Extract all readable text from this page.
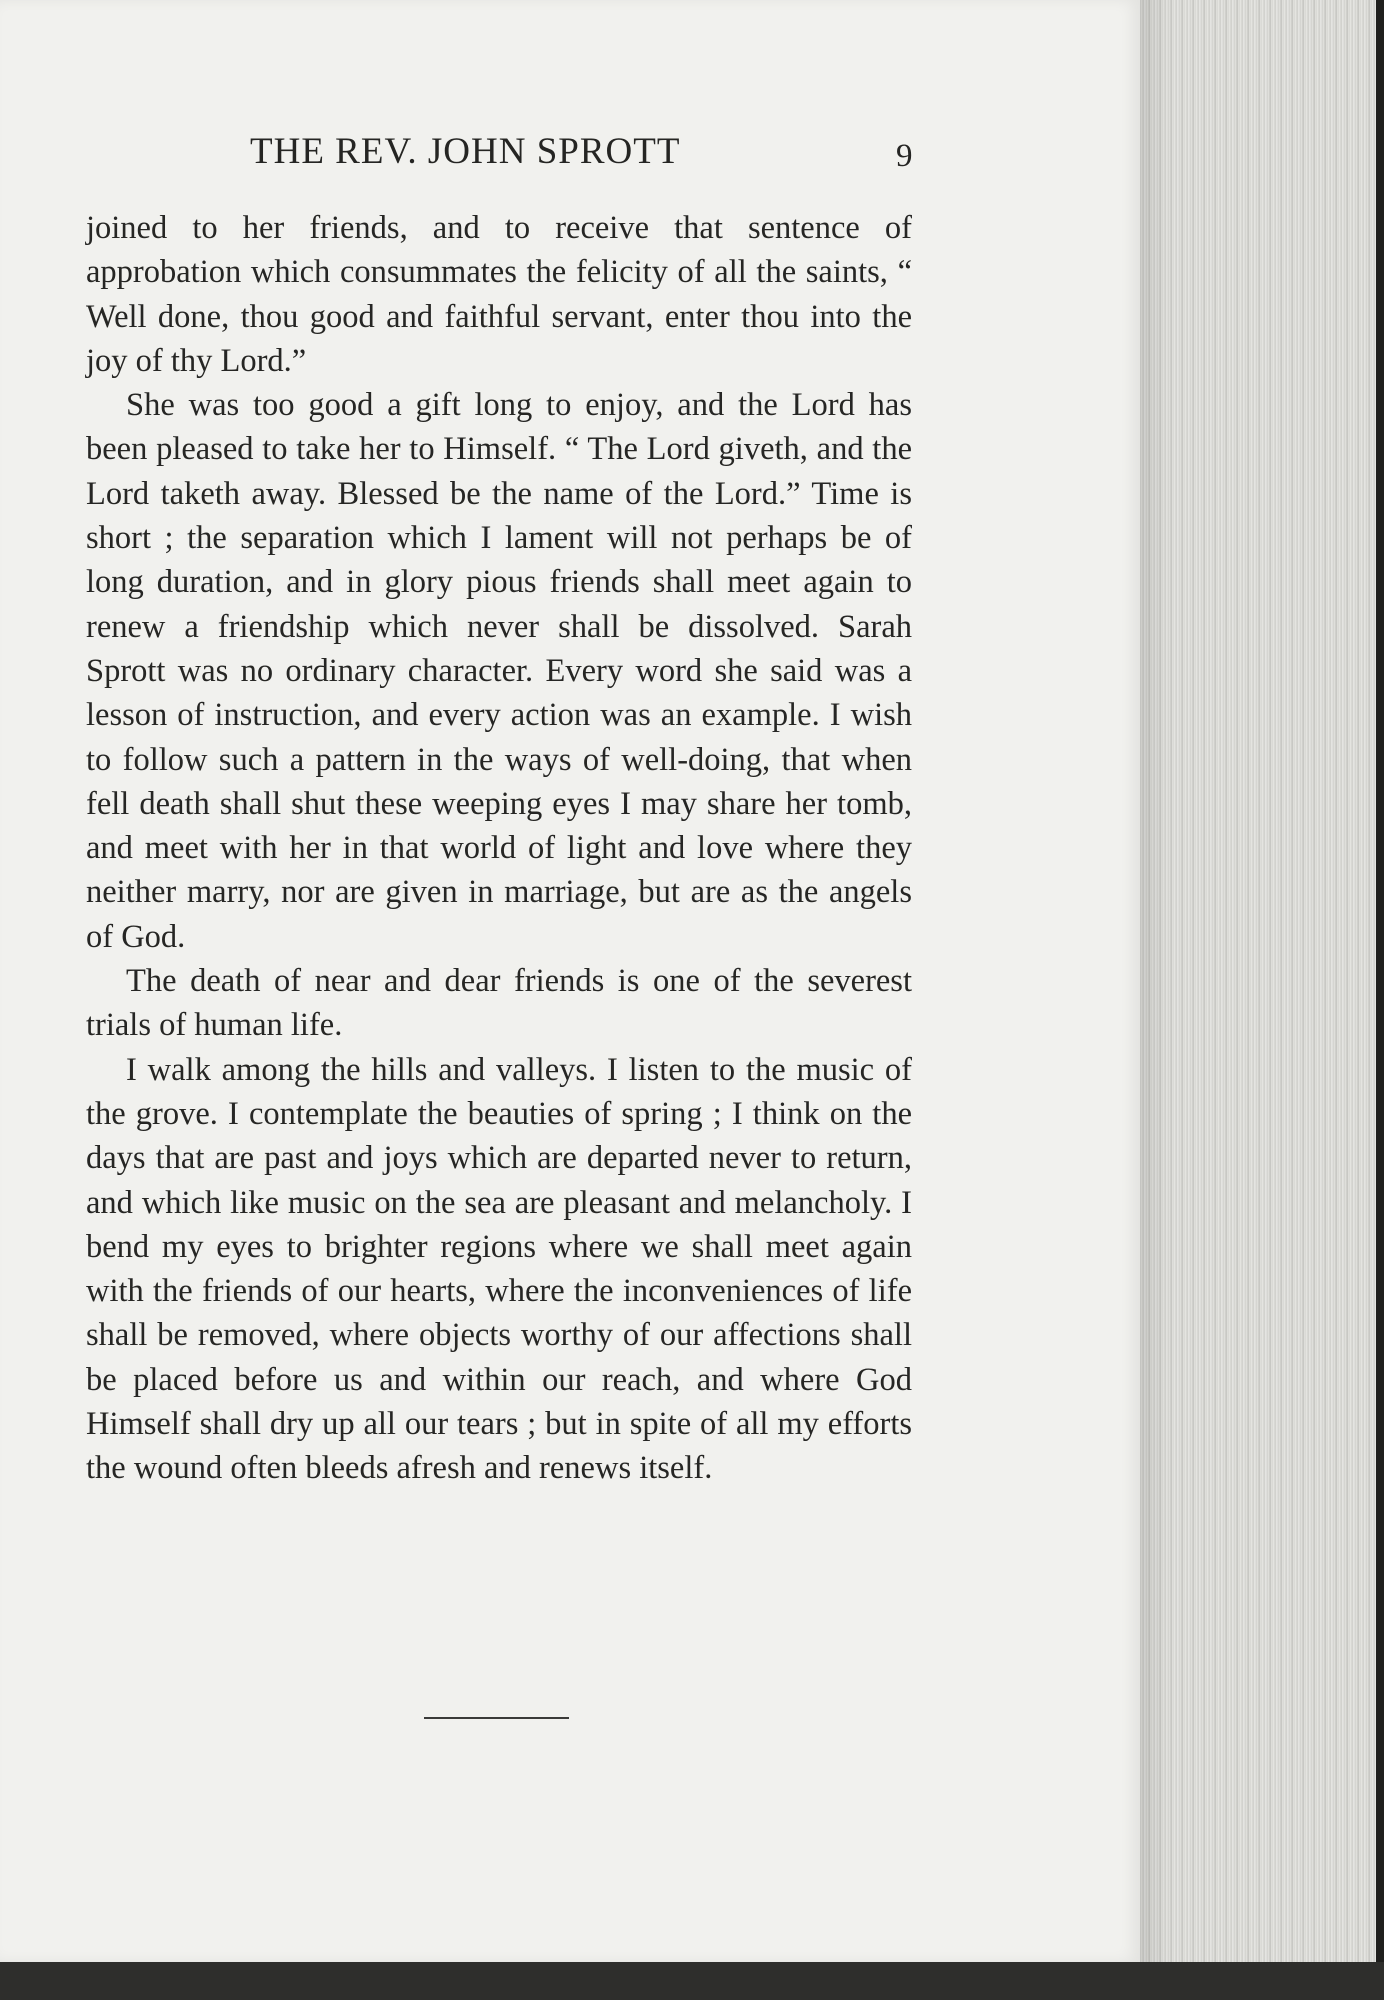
THE REV. JOHN SPROTT	9

joined to her friends, and to receive that sentence of approbation which consummates the felicity of all the saints, “ Well done, thou good and faithful servant, enter thou into the joy of thy Lord.”

She was too good a gift long to enjoy, and the Lord has been pleased to take her to Himself. “ The Lord giveth, and the Lord taketh away. Blessed be the name of the Lord.” Time is short ; the separation which I lament will not perhaps be of long duration, and in glory pious friends shall meet again to renew a friendship which never shall be dissolved. Sarah Sprott was no ordinary character. Every word she said was a lesson of instruction, and every action was an example. I wish to follow such a pattern in the ways of well-doing, that when fell death shall shut these weeping eyes I may share her tomb, and meet with her in that world of light and love where they neither marry, nor are given in marriage, but are as the angels of God.

The death of near and dear friends is one of the severest trials of human life.

I walk among the hills and valleys. I listen to the music of the grove. I contemplate the beauties of spring ; I think on the days that are past and joys which are departed never to return, and which like music on the sea are pleasant and melancholy. I bend my eyes to brighter regions where we shall meet again with the friends of our hearts, where the inconveniences of life shall be removed, where objects worthy of our affections shall be placed before us and within our reach, and where God Himself shall dry up all our tears ; but in spite of all my efforts the wound often bleeds afresh and renews itself.
